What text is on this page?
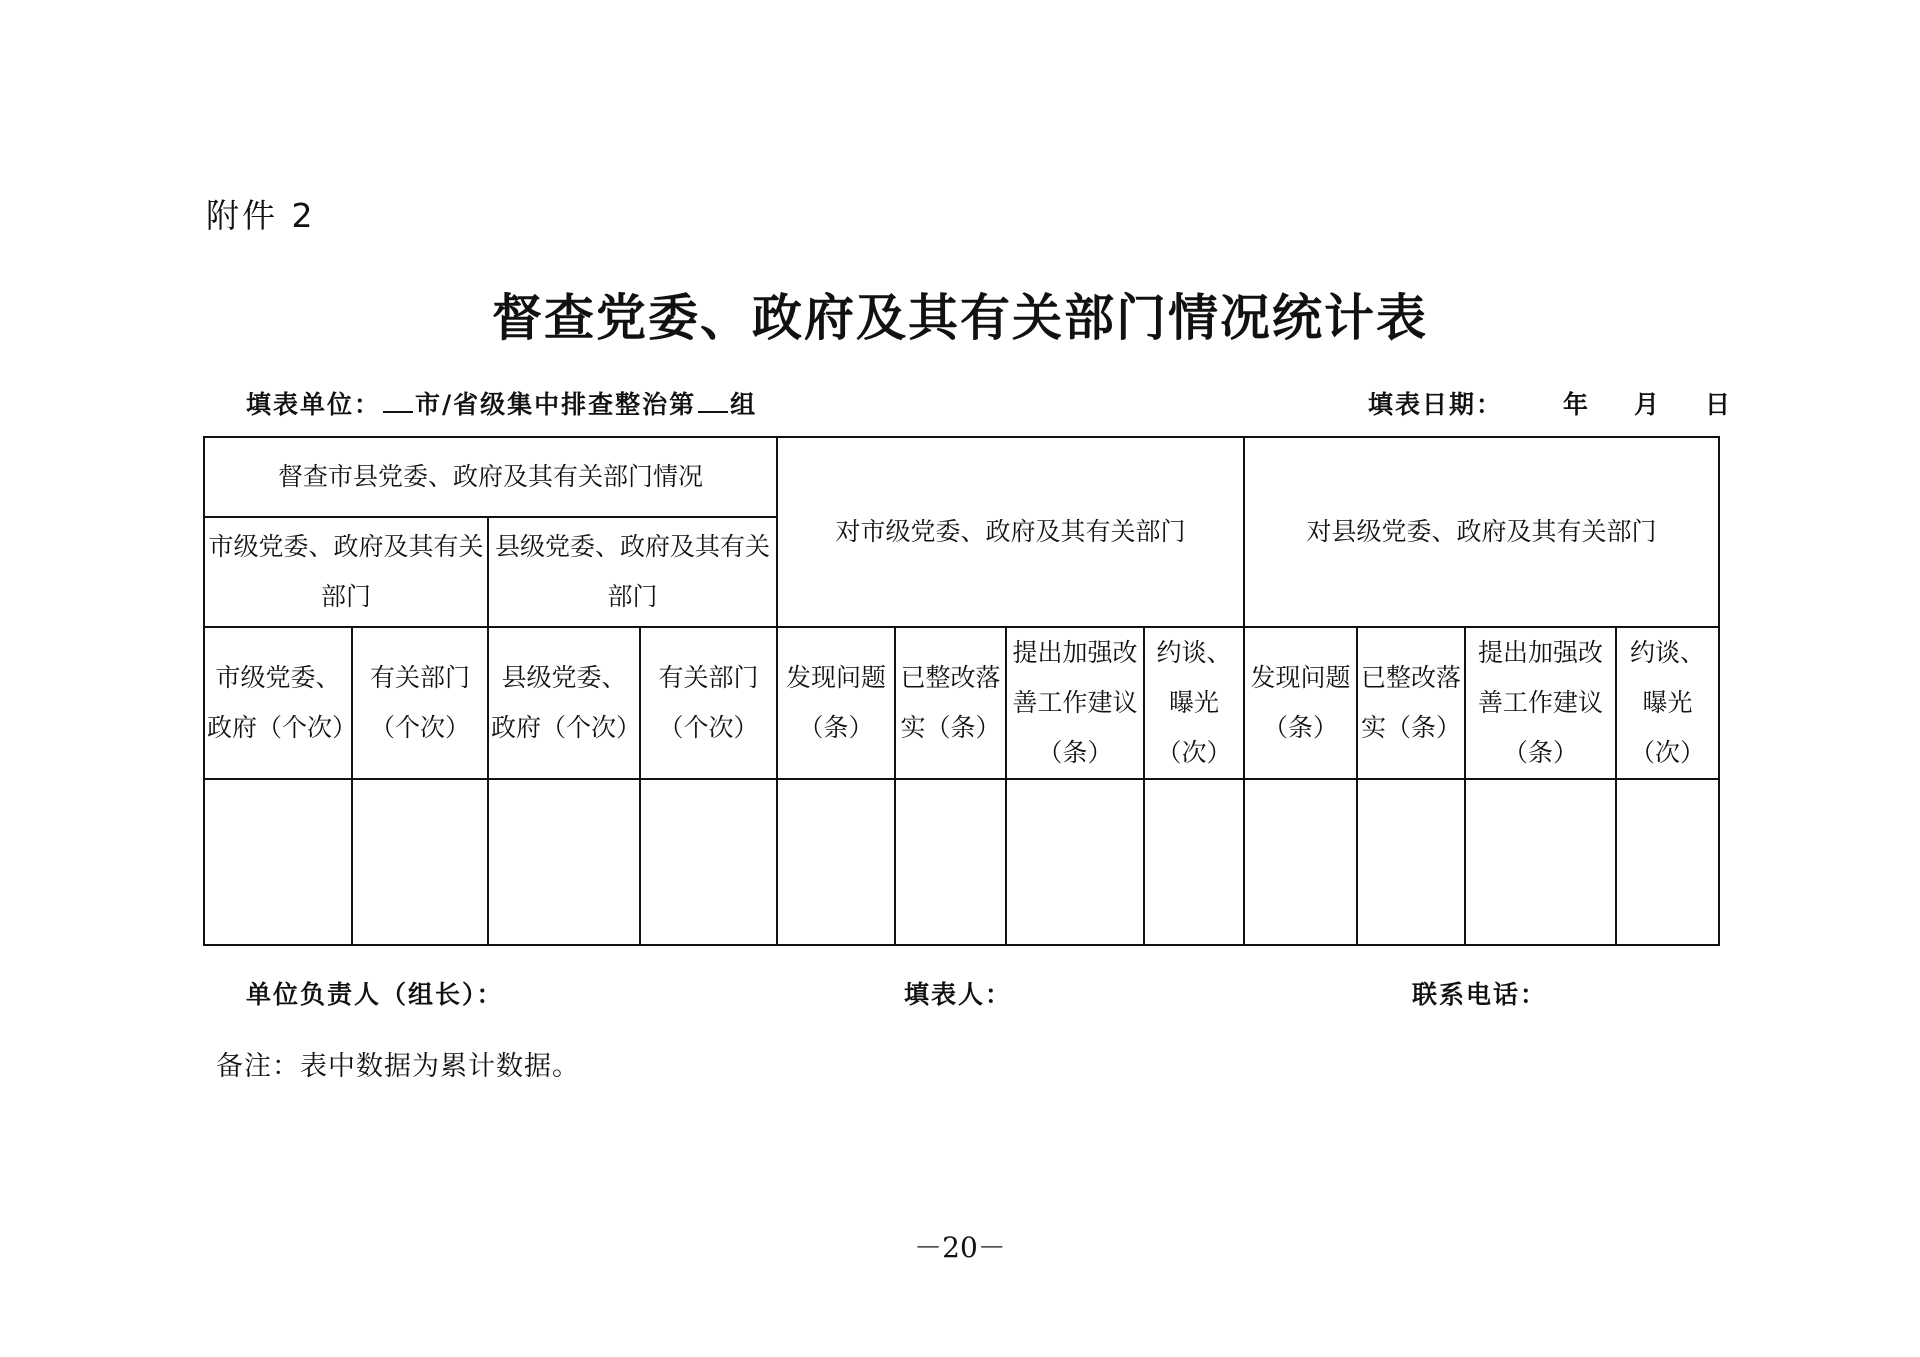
附件 2
督查党委、政府及其有关部门情况统计表
填表单位： 市/省级集中排查整治第 组	填表日期： 年 月 日
督查市县党委、政府及其有关部门情况				对市级党委、政府及其有关部门				对县级党委、政府及其有关部门			
市级党委、政府及其有关部门		县级党委、政府及其有关部门									
市级党委、政府（个次）	有关部门（个次）	县级党委、政府（个次）	有关部门（个次）	发现问题（条）	已整改落实（条）	提出加强改善工作建议（条）	约谈、曝光（次）	发现问题（条）	已整改落实（条）	提出加强改善工作建议（条）	约谈、曝光（次）

单位负责人（组长）：	填表人：	联系电话：
备注：表中数据为累计数据。
－20－
